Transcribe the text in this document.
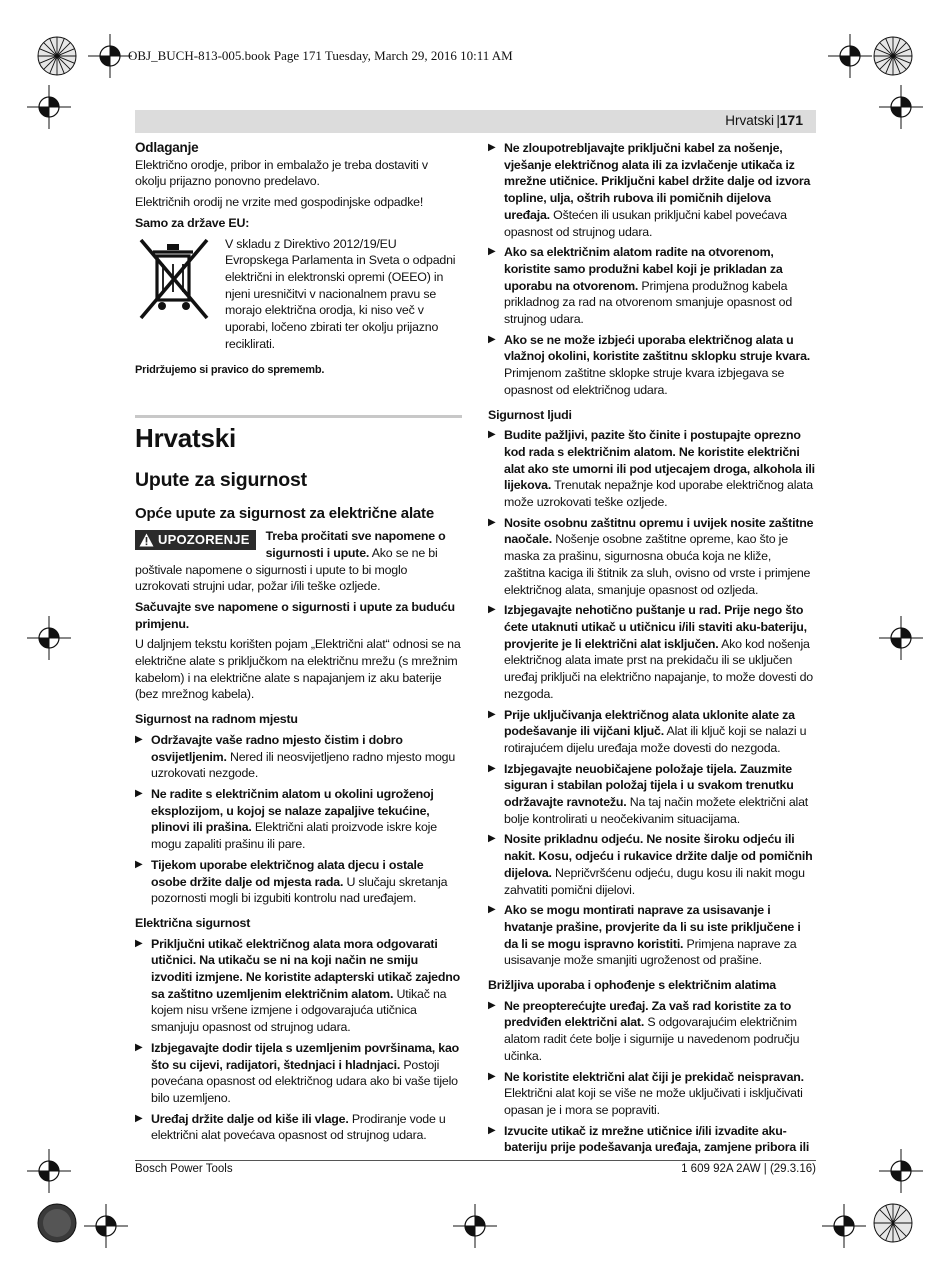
OBJ_BUCH-813-005.book Page 171 Tuesday, March 29, 2016 10:11 AM
Hrvatski | 171

Odlaganje

Električno orodje, pribor in embalažo je treba dostaviti v okolju prijazno ponovno predelavo.

Električnih orodij ne vrzite med gospodinjske odpadke!

Samo za države EU:

V skladu z Direktivo 2012/19/EU Evropskega Parlamenta in Sveta o odpadni električni in elektronski opremi (OEEO) in njeni uresničitvi v nacionalnem pravu se morajo električna orodja, ki niso več v uporabi, ločeno zbirati ter okolju prijazno reciklirati.

Pridržujemo si pravico do sprememb.

Hrvatski

Upute za sigurnost

Opće upute za sigurnost za električne alate

UPOZORENJE	Treba pročitati sve napomene o sigurnosti i upute. Ako se ne bi poštivale napomene o sigurnosti i upute to bi moglo uzrokovati strujni udar, požar i/ili teške ozljede.

Sačuvajte sve napomene o sigurnosti i upute za buduću primjenu.

U daljnjem tekstu korišten pojam „Električni alat“ odnosi se na električne alate s priključkom na električnu mrežu (s mrežnim kabelom) i na električne alate s napajanjem iz aku baterije (bez mrežnog kabela).

Sigurnost na radnom mjestu

▶ Održavajte vaše radno mjesto čistim i dobro osvijetljenim. Nered ili neosvijetljeno radno mjesto mogu uzrokovati nezgode.
▶ Ne radite s električnim alatom u okolini ugroženoj eksplozijom, u kojoj se nalaze zapaljive tekućine, plinovi ili prašina. Električni alati proizvode iskre koje mogu zapaliti prašinu ili pare.
▶ Tijekom uporabe električnog alata djecu i ostale osobe držite dalje od mjesta rada. U slučaju skretanja pozornosti mogli bi izgubiti kontrolu nad uređajem.

Električna sigurnost

▶ Priključni utikač električnog alata mora odgovarati utičnici. Na utikaču se ni na koji način ne smiju izvoditi izmjene. Ne koristite adapterski utikač zajedno sa zaštitno uzemljenim električnim alatom. Utikač na kojem nisu vršene izmjene i odgovarajuća utičnica smanjuju opasnost od strujnog udara.
▶ Izbjegavajte dodir tijela s uzemljenim površinama, kao što su cijevi, radijatori, štednjaci i hladnjaci. Postoji povećana opasnost od električnog udara ako bi vaše tijelo bilo uzemljeno.
▶ Uređaj držite dalje od kiše ili vlage. Prodiranje vode u električni alat povećava opasnost od strujnog udara.
▶ Ne zloupotrebljavajte priključni kabel za nošenje, vješanje električnog alata ili za izvlačenje utikača iz mrežne utičnice. Priključni kabel držite dalje od izvora topline, ulja, oštrih rubova ili pomičnih dijelova uređaja. Oštećen ili usukan priključni kabel povećava opasnost od strujnog udara.
▶ Ako sa električnim alatom radite na otvorenom, koristite samo produžni kabel koji je prikladan za uporabu na otvorenom. Primjena produžnog kabela prikladnog za rad na otvorenom smanjuje opasnost od strujnog udara.
▶ Ako se ne može izbjeći uporaba električnog alata u vlažnoj okolini, koristite zaštitnu sklopku struje kvara. Primjenom zaštitne sklopke struje kvara izbjegava se opasnost od električnog udara.

Sigurnost ljudi

▶ Budite pažljivi, pazite što činite i postupajte oprezno kod rada s električnim alatom. Ne koristite električni alat ako ste umorni ili pod utjecajem droga, alkohola ili lijekova. Trenutak nepažnje kod uporabe električnog alata može uzrokovati teške ozljede.
▶ Nosite osobnu zaštitnu opremu i uvijek nosite zaštitne naočale. Nošenje osobne zaštitne opreme, kao što je maska za prašinu, sigurnosna obuća koja ne kliže, zaštitna kaciga ili štitnik za sluh, ovisno od vrste i primjene električnog alata, smanjuje opasnost od ozljeda.
▶ Izbjegavajte nehotično puštanje u rad. Prije nego što ćete utaknuti utikač u utičnicu i/ili staviti aku-bateriju, provjerite je li električni alat isključen. Ako kod nošenja električnog alata imate prst na prekidaču ili se uključen uređaj priključi na električno napajanje, to može dovesti do nezgoda.
▶ Prije uključivanja električnog alata uklonite alate za podešavanje ili vijčani ključ. Alat ili ključ koji se nalazi u rotirajućem dijelu uređaja može dovesti do nezgoda.
▶ Izbjegavajte neuobičajene položaje tijela. Zauzmite siguran i stabilan položaj tijela i u svakom trenutku održavajte ravnotežu. Na taj način možete električni alat bolje kontrolirati u neočekivanim situacijama.
▶ Nosite prikladnu odjeću. Ne nosite široku odjeću ili nakit. Kosu, odjeću i rukavice držite dalje od pomičnih dijelova. Nepričvršćenu odjeću, dugu kosu ili nakit mogu zahvatiti pomični dijelovi.
▶ Ako se mogu montirati naprave za usisavanje i hvatanje prašine, provjerite da li su iste priključene i da li se mogu ispravno koristiti. Primjena naprave za usisavanje može smanjiti ugroženost od prašine.

Brižljiva uporaba i ophođenje s električnim alatima

▶ Ne preopterećujte uređaj. Za vaš rad koristite za to predviđen električni alat. S odgovarajućim električnim alatom radit ćete bolje i sigurnije u navedenom području učinka.
▶ Ne koristite električni alat čiji je prekidač neispravan. Električni alat koji se više ne može uključivati i isključivati opasan je i mora se popraviti.
▶ Izvucite utikač iz mrežne utičnice i/ili izvadite aku-bateriju prije podešavanja uređaja, zamjene pribora ili
Bosch Power Tools	1 609 92A 2AW | (29.3.16)
